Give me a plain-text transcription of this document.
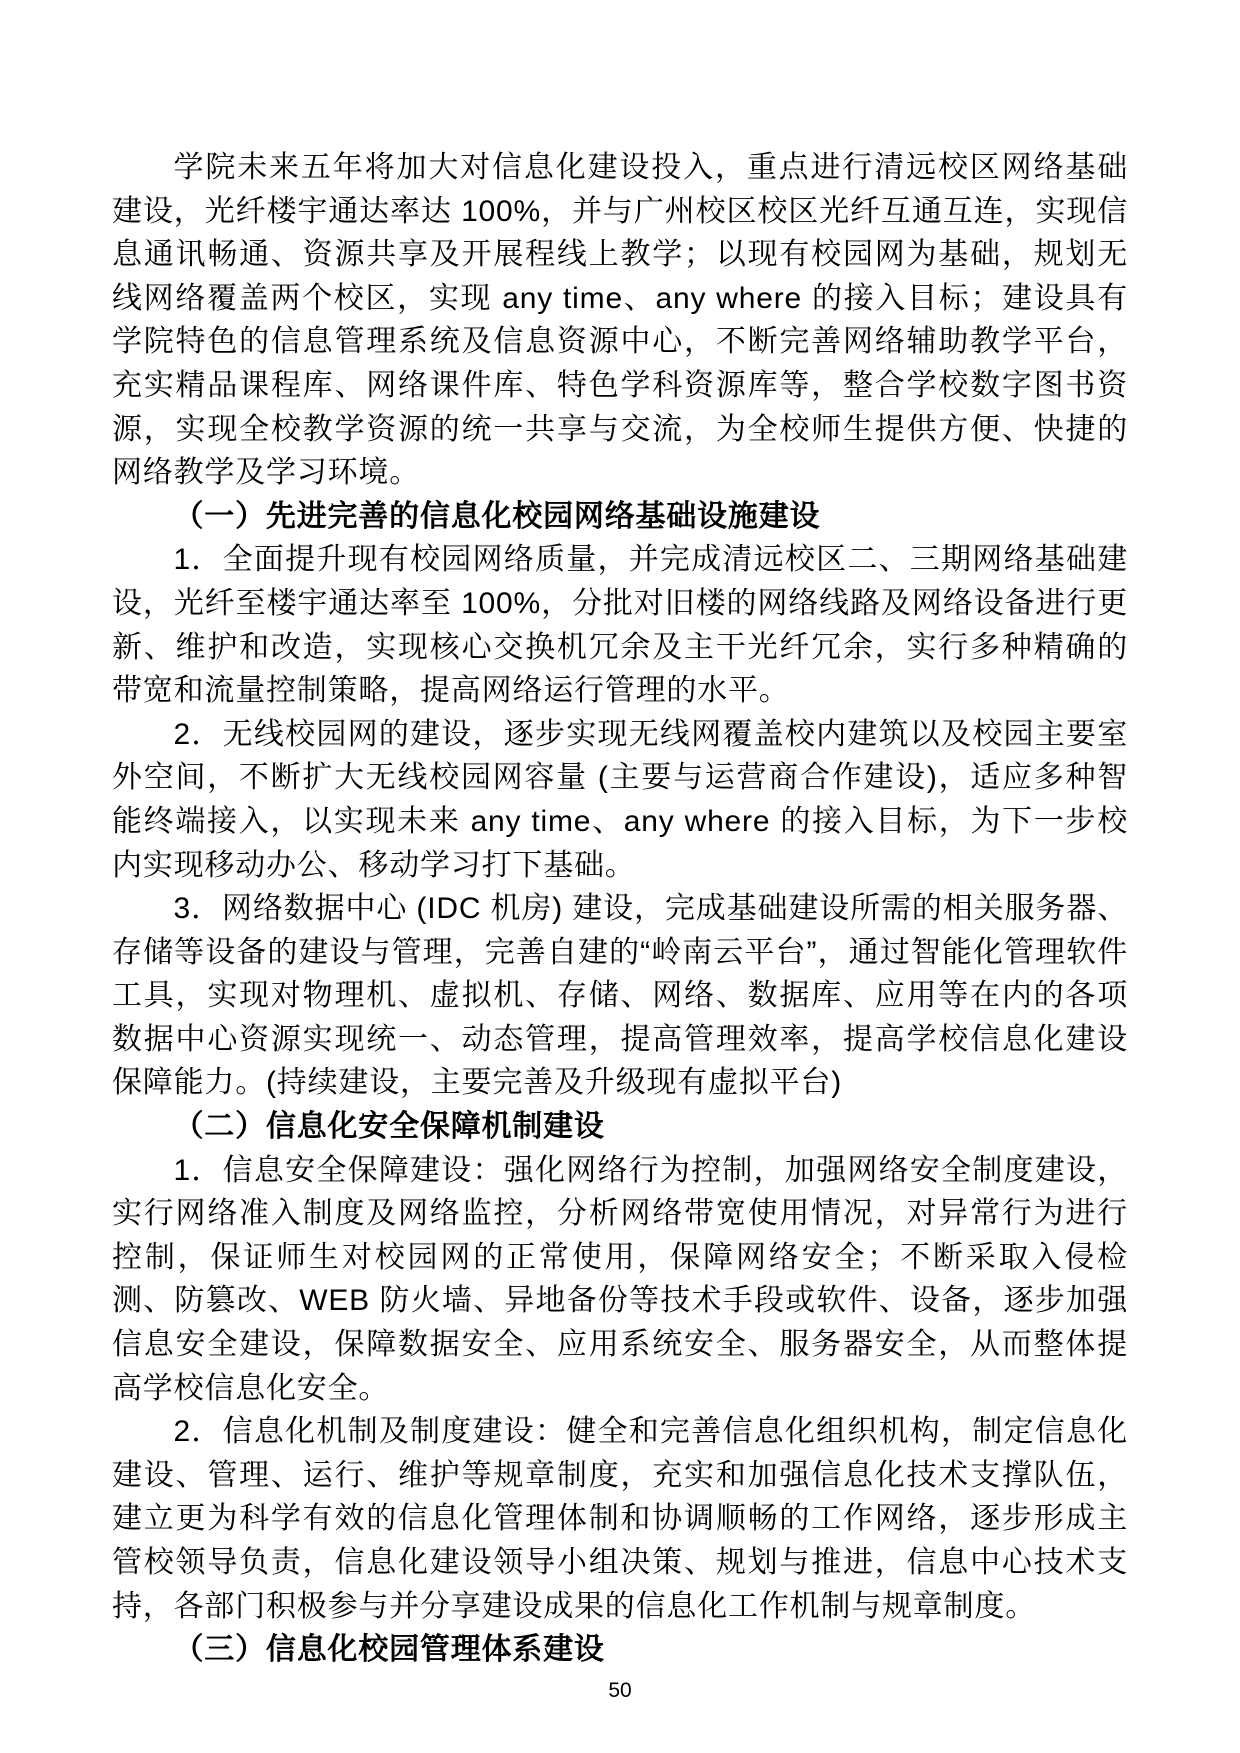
学院未来五年将加大对信息化建设投入，重点进行清远校区网络基础建设，光纤楼宇通达率达 100%，并与广州校区校区光纤互通互连，实现信息通讯畅通、资源共享及开展程线上教学；以现有校园网为基础，规划无线网络覆盖两个校区，实现 any time、any where 的接入目标；建设具有学院特色的信息管理系统及信息资源中心，不断完善网络辅助教学平台，充实精品课程库、网络课件库、特色学科资源库等，整合学校数字图书资源，实现全校教学资源的统一共享与交流，为全校师生提供方便、快捷的网络教学及学习环境。

（一）先进完善的信息化校园网络基础设施建设

1．全面提升现有校园网络质量，并完成清远校区二、三期网络基础建设，光纤至楼宇通达率至 100%，分批对旧楼的网络线路及网络设备进行更新、维护和改造，实现核心交换机冗余及主干光纤冗余，实行多种精确的带宽和流量控制策略，提高网络运行管理的水平。

2．无线校园网的建设，逐步实现无线网覆盖校内建筑以及校园主要室外空间，不断扩大无线校园网容量 (主要与运营商合作建设)，适应多种智能终端接入，以实现未来 any time、any where 的接入目标，为下一步校内实现移动办公、移动学习打下基础。

3．网络数据中心 (IDC 机房) 建设，完成基础建设所需的相关服务器、存储等设备的建设与管理，完善自建的“岭南云平台”，通过智能化管理软件工具，实现对物理机、虚拟机、存储、网络、数据库、应用等在内的各项数据中心资源实现统一、动态管理，提高管理效率，提高学校信息化建设保障能力。(持续建设，主要完善及升级现有虚拟平台)

（二）信息化安全保障机制建设

1．信息安全保障建设：强化网络行为控制，加强网络安全制度建设，实行网络准入制度及网络监控，分析网络带宽使用情况，对异常行为进行控制，保证师生对校园网的正常使用，保障网络安全；不断采取入侵检测、防篡改、WEB 防火墙、异地备份等技术手段或软件、设备，逐步加强信息安全建设，保障数据安全、应用系统安全、服务器安全，从而整体提高学校信息化安全。

2．信息化机制及制度建设：健全和完善信息化组织机构，制定信息化建设、管理、运行、维护等规章制度，充实和加强信息化技术支撑队伍，建立更为科学有效的信息化管理体制和协调顺畅的工作网络，逐步形成主管校领导负责，信息化建设领导小组决策、规划与推进，信息中心技术支持，各部门积极参与并分享建设成果的信息化工作机制与规章制度。

（三）信息化校园管理体系建设

50
